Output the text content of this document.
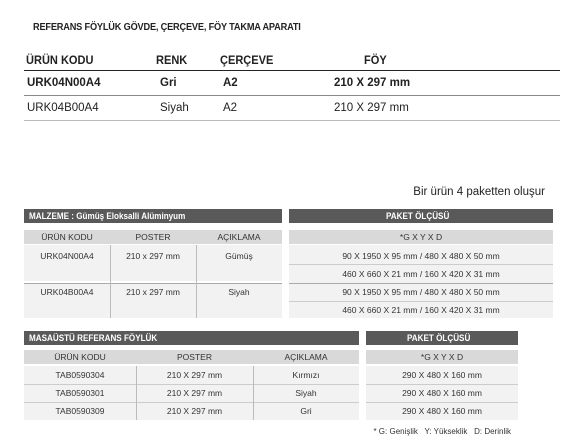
REFERANS FÖYLÜK GÖVDE, ÇERÇEVE, FÖY TAKMA APARATI
ÜRÜN KODU	RENK	ÇERÇEVE	FÖY
URK04N00A4	Gri	A2	210 X 297 mm
URK04B00A4	Siyah	A2	210 X 297 mm
Bir ürün 4 paketten oluşur
MALZEME : Gümüş Eloksalli Alüminyum
ÜRÜN KODU	POSTER	AÇIKLAMA
URK04N00A4	210 x 297 mm	Gümüş
URK04B00A4	210 x 297 mm	Siyah
PAKET ÖLÇÜSÜ
*G X Y X D
90 X 1950 X 95 mm / 480 X 480 X 50 mm
460 X 660 X 21 mm / 160 X 420 X 31 mm
90 X 1950 X 95 mm / 480 X 480 X 50 mm
460 X 660 X 21 mm / 160 X 420 X 31 mm
MASAÜSTÜ REFERANS FÖYLÜK
ÜRÜN KODU	POSTER	AÇIKLAMA
TAB0590304	210 X 297 mm	Kırmızı
TAB0590301	210 X 297 mm	Siyah
TAB0590309	210 X 297 mm	Gri
PAKET ÖLÇÜSÜ
*G X Y X D
290 X 480 X 160 mm
290 X 480 X 160 mm
290 X 480 X 160 mm
* G: Genişlik   Y: Yükseklik   D: Derinlik
